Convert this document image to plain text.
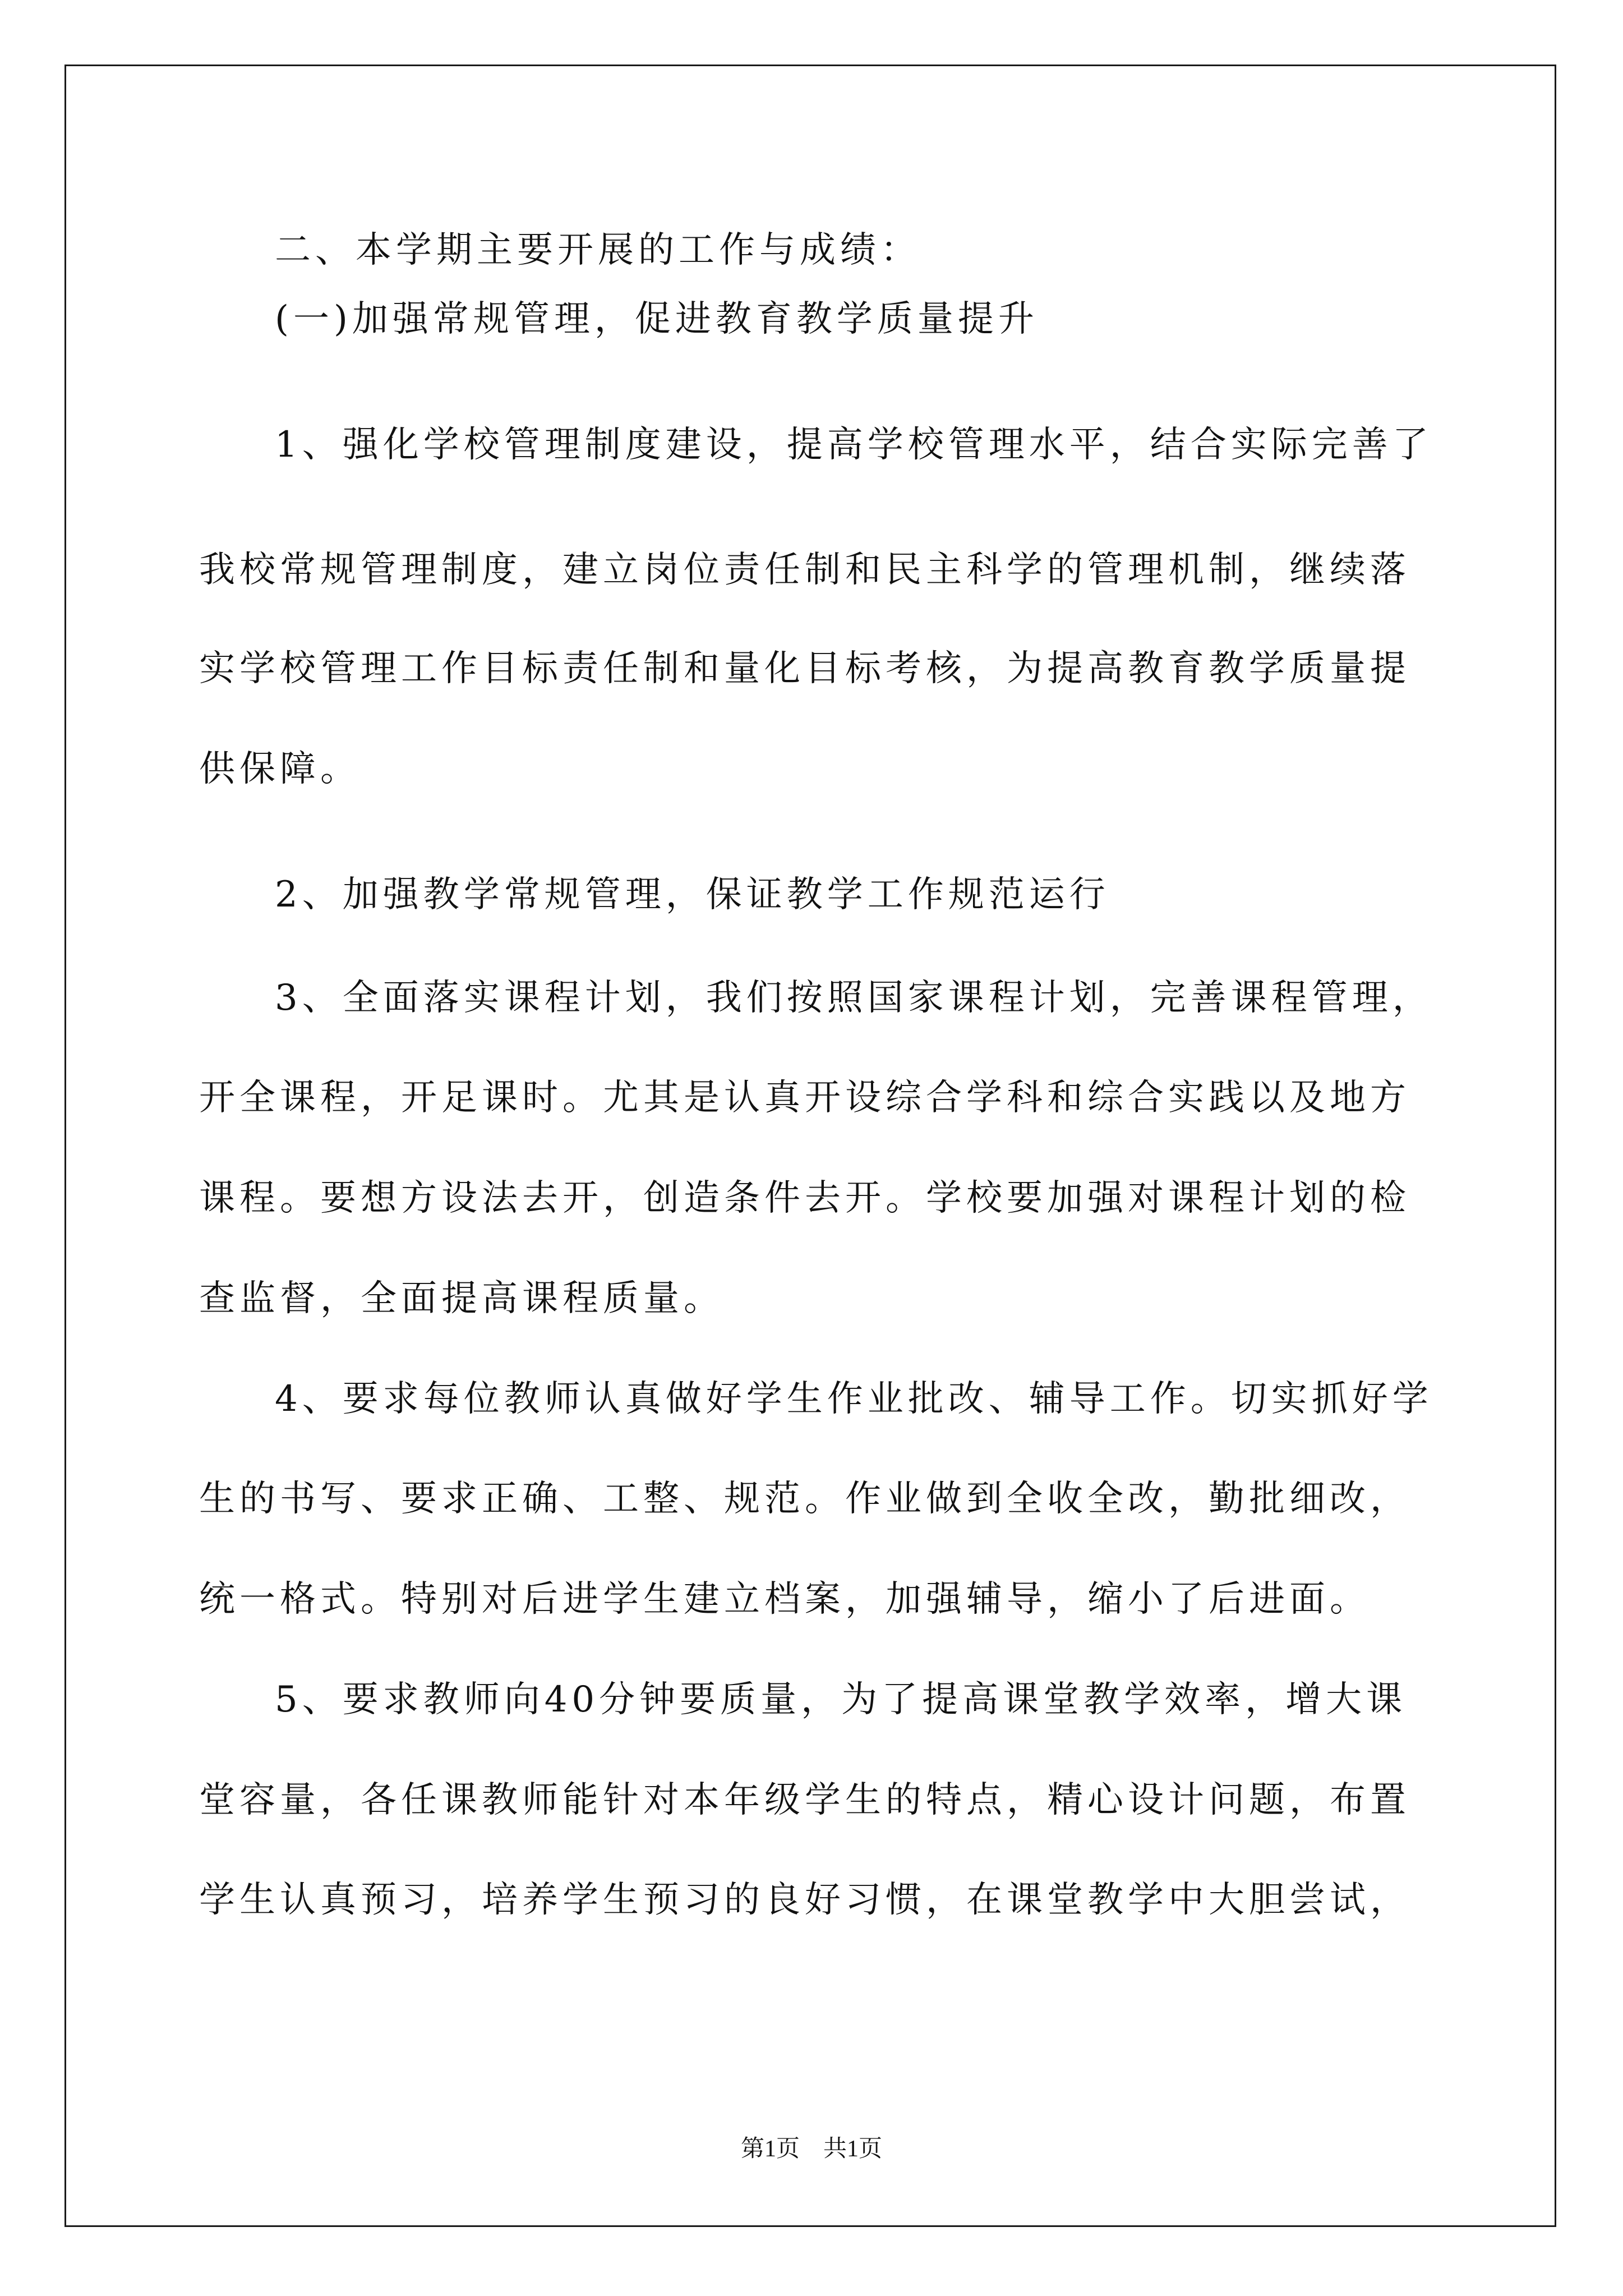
二、本学期主要开展的工作与成绩：
(一)加强常规管理，促进教育教学质量提升
1、强化学校管理制度建设，提高学校管理水平，结合实际完善了
我校常规管理制度，建立岗位责任制和民主科学的管理机制，继续落
实学校管理工作目标责任制和量化目标考核，为提高教育教学质量提
供保障。
2、加强教学常规管理，保证教学工作规范运行
3、全面落实课程计划，我们按照国家课程计划，完善课程管理，
开全课程，开足课时。尤其是认真开设综合学科和综合实践以及地方
课程。要想方设法去开，创造条件去开。学校要加强对课程计划的检
查监督，全面提高课程质量。
4、要求每位教师认真做好学生作业批改、辅导工作。切实抓好学
生的书写、要求正确、工整、规范。作业做到全收全改，勤批细改，
统一格式。特别对后进学生建立档案，加强辅导，缩小了后进面。
5、要求教师向40分钟要质量，为了提高课堂教学效率，增大课
堂容量，各任课教师能针对本年级学生的特点，精心设计问题，布置
学生认真预习，培养学生预习的良好习惯，在课堂教学中大胆尝试，
第1页　共1页
